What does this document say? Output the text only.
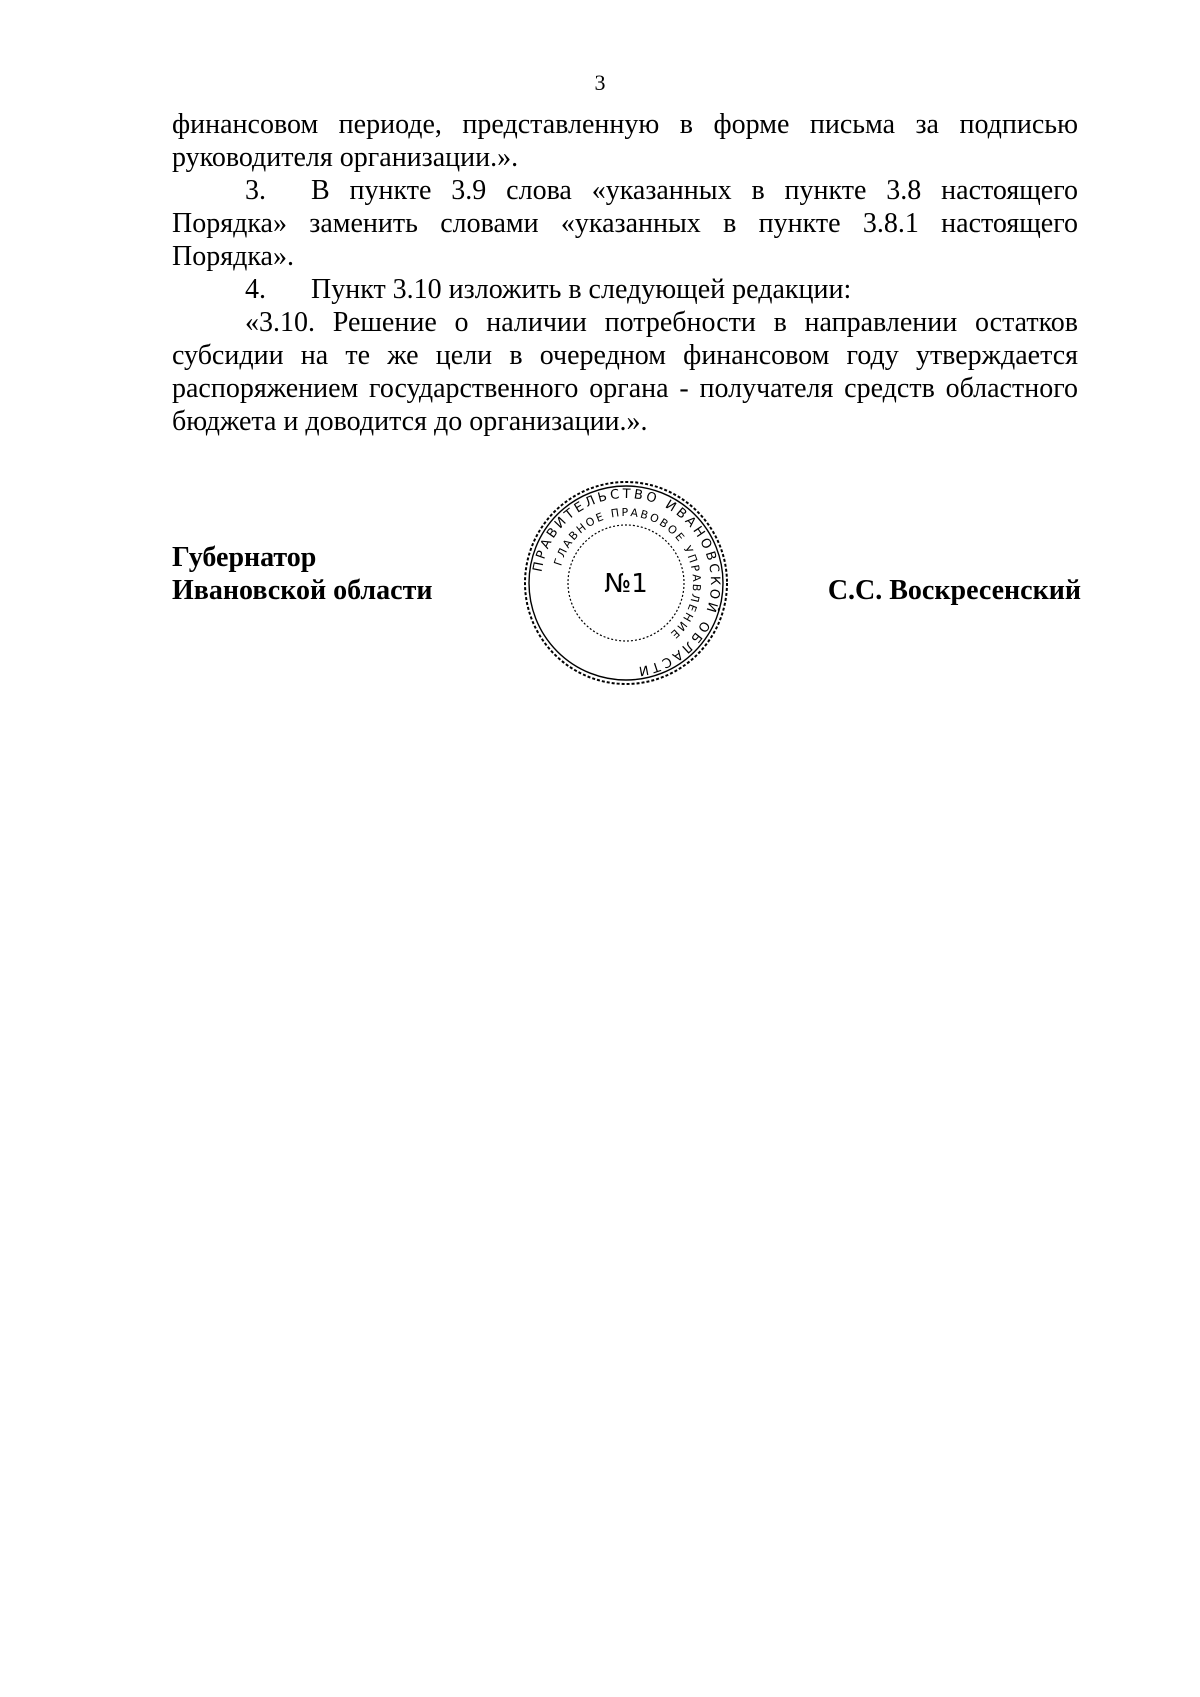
3

финансовом периоде, представленную в форме письма за подписью руководителя организации.».

3. В пункте 3.9 слова «указанных в пункте 3.8 настоящего Порядка» заменить словами «указанных в пункте 3.8.1 настоящего Порядка».

4. Пункт 3.10 изложить в следующей редакции:

«3.10. Решение о наличии потребности в направлении остатков субсидии на те же цели в очередном финансовом году утверждается распоряжением государственного органа - получателя средств областного бюджета и доводится до организации.».

Губернатор
Ивановской области	С.С. Воскресенский
ПРАВИТЕЛЬСТВО ИВАНОВСКОЙ ОБЛАСТИ
ГЛАВНОЕ ПРАВОВОЕ УПРАВЛЕНИЕ
№1
